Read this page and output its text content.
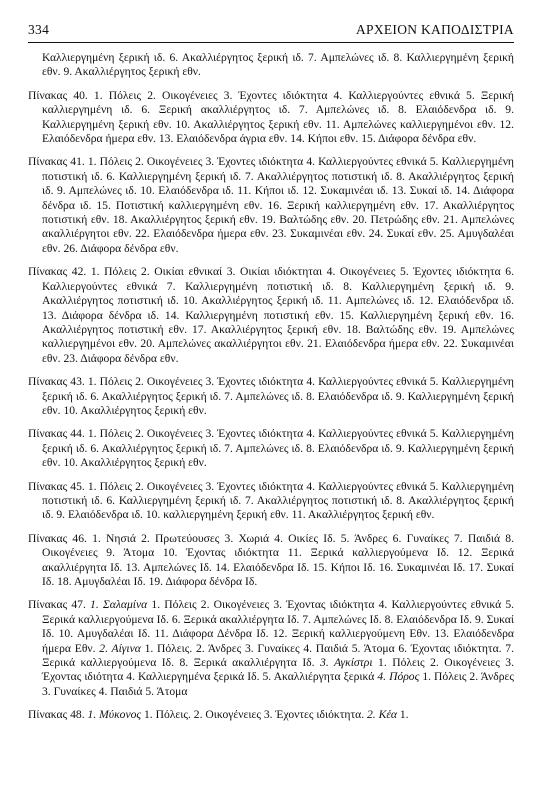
334	ΑΡΧΕΙΟΝ ΚΑΠΟΔΙΣΤΡΙΑ

Καλλιεργημένη ξερική ιδ. 6. Ακαλλιέργητος ξερική ιδ. 7. Αμπελώνες ιδ. 8. Καλλιεργημένη ξερική εθν. 9. Ακαλλιέργητος ξερική εθν.

Πίνακας 40. 1. Πόλεις 2. Οικογένειες 3. Έχοντες ιδιόκτητα 4. Καλλιεργούντες εθνικά 5. Ξερική καλλιεργημένη ιδ. 6. Ξερική ακαλλιέργητος ιδ. 7. Αμπελώνες ιδ. 8. Ελαιόδενδρα ιδ. 9. Καλλιεργημένη ξερική εθν. 10. Ακαλλιέργητος ξερική εθν. 11. Αμπελώνες καλλιεργημένοι εθν. 12. Ελαιόδενδρα ήμερα εθν. 13. Ελαιόδενδρα άγρια εθν. 14. Κήποι εθν. 15. Διάφορα δένδρα εθν.

Πίνακας 41. 1. Πόλεις 2. Οικογένειες 3. Έχοντες ιδιόκτητα 4. Καλλιεργούντες εθνικά 5. Καλλιεργημένη ποτιστική ιδ. 6. Καλλιεργημένη ξερική ιδ. 7. Ακαλλιέργητος ποτιστική ιδ. 8. Ακαλλιέργητος ξερική ιδ. 9. Αμπελώνες ιδ. 10. Ελαιόδενδρα ιδ. 11. Κήποι ιδ. 12. Συκαμινέαι ιδ. 13. Συκαί ιδ. 14. Διάφορα δένδρα ιδ. 15. Ποτιστική καλλιεργημένη εθν. 16. Ξερική καλλιεργημένη εθν. 17. Ακαλλιέργητος ποτιστική εθν. 18. Ακαλλιέργητος ξερική εθν. 19. Βαλτώδης εθν. 20. Πετρώδης εθν. 21. Αμπελώνες ακαλλιέργητοι εθν. 22. Ελαιόδενδρα ήμερα εθν. 23. Συκαμινέαι εθν. 24. Συκαί εθν. 25. Αμυγδαλέαι εθν. 26. Διάφορα δένδρα εθν.

Πίνακας 42. 1. Πόλεις 2. Οικίαι εθνικαί 3. Οικίαι ιδιόκτηται 4. Οικογένειες 5. Έχοντες ιδιόκτητα 6. Καλλιεργούντες εθνικά 7. Καλλιεργημένη ποτιστική ιδ. 8. Καλλιεργημένη ξερική ιδ. 9. Ακαλλιέργητος ποτιστική ιδ. 10. Ακαλλιέργητος ξερική ιδ. 11. Αμπελώνες ιδ. 12. Ελαιόδενδρα ιδ. 13. Διάφορα δένδρα ιδ. 14. Καλλιεργημένη ποτιστική εθν. 15. Καλλιεργημένη ξερική εθν. 16. Ακαλλιέργητος ποτιστική εθν. 17. Ακαλλιέργητος ξερική εθν. 18. Βαλτώδης εθν. 19. Αμπελώνες καλλιεργημένοι εθν. 20. Αμπελώνες ακαλλιέργητοι εθν. 21. Ελαιόδενδρα ήμερα εθν. 22. Συκαμινέαι εθν. 23. Διάφορα δένδρα εθν.

Πίνακας 43. 1. Πόλεις 2. Οικογένειες 3. Έχοντες ιδιόκτητα 4. Καλλιεργούντες εθνικά 5. Καλλιεργημένη ξερική ιδ. 6. Ακαλλιέργητος ξερική ιδ. 7. Αμπελώνες ιδ. 8. Ελαιόδενδρα ιδ. 9. Καλλιεργημένη ξερική εθν. 10. Ακαλλιέργητος ξερική εθν.

Πίνακας 44. 1. Πόλεις 2. Οικογένειες 3. Έχοντες ιδιόκτητα 4. Καλλιεργούντες εθνικά 5. Καλλιεργημένη ξερική ιδ. 6. Ακαλλιέργητος ξερική ιδ. 7. Αμπελώνες ιδ. 8. Ελαιόδενδρα ιδ. 9. Καλλιεργημένη ξερική εθν. 10. Ακαλλιέργητος ξερική εθν.

Πίνακας 45. 1. Πόλεις 2. Οικογένειες 3. Έχοντες ιδιόκτητα 4. Καλλιεργούντες εθνικά 5. Καλλιεργημένη ποτιστική ιδ. 6. Καλλιεργημένη ξερική ιδ. 7. Ακαλλιέργητος ποτιστική ιδ. 8. Ακαλλιέργητος ξερική ιδ. 9. Ελαιόδενδρα ιδ. 10. καλλιεργημένη ξερική εθν. 11. Ακαλλιέργητος ξερική εθν.

Πίνακας 46. 1. Νησιά 2. Πρωτεύουσες 3. Χωριά 4. Οικίες Ιδ. 5. Άνδρες 6. Γυναίκες 7. Παιδιά 8. Οικογένειες 9. Άτομα 10. Έχοντας ιδιόκτητα 11. Ξερικά καλλιεργούμενα Ιδ. 12. Ξερικά ακαλλιέργητα Ιδ. 13. Αμπελώνες Ιδ. 14. Ελαιόδενδρα Ιδ. 15. Κήποι Ιδ. 16. Συκαμινέαι Ιδ. 17. Συκαί Ιδ. 18. Αμυγδαλέαι Ιδ. 19. Διάφορα δένδρα Ιδ.

Πίνακας 47. 1. Σαλαμίνα 1. Πόλεις 2. Οικογένειες 3. Έχοντας ιδιόκτητα 4. Καλλιεργούντες εθνικά 5. Ξερικά καλλιεργούμενα Ιδ. 6. Ξερικά ακαλλιέργητα Ιδ. 7. Αμπελώνες Ιδ. 8. Ελαιόδενδρα Ιδ. 9. Συκαί Ιδ. 10. Αμυγδαλέαι Ιδ. 11. Διάφορα Δένδρα Ιδ. 12. Ξερική καλλιεργούμενη Εθν. 13. Ελαιόδενδρα ήμερα Εθν. 2. Αίγινα 1. Πόλεις. 2. Άνδρες 3. Γυναίκες 4. Παιδιά 5. Άτομα 6. Έχοντας ιδιόκτητα. 7. Ξερικά καλλιεργούμενα Ιδ. 8. Ξερικά ακαλλιέργητα Ιδ. 3. Αγκίστρι 1. Πόλεις 2. Οικογένειες 3. Έχοντας ιδιότητα 4. Καλλιεργημένα ξερικά Ιδ. 5. Ακαλλιέργητα ξερικά 4. Πόρος 1. Πόλεις 2. Άνδρες 3. Γυναίκες 4. Παιδιά 5. Άτομα

Πίνακας 48. 1. Μύκονος 1. Πόλεις. 2. Οικογένειες 3. Έχοντες ιδιόκτητα. 2. Κέα 1.
